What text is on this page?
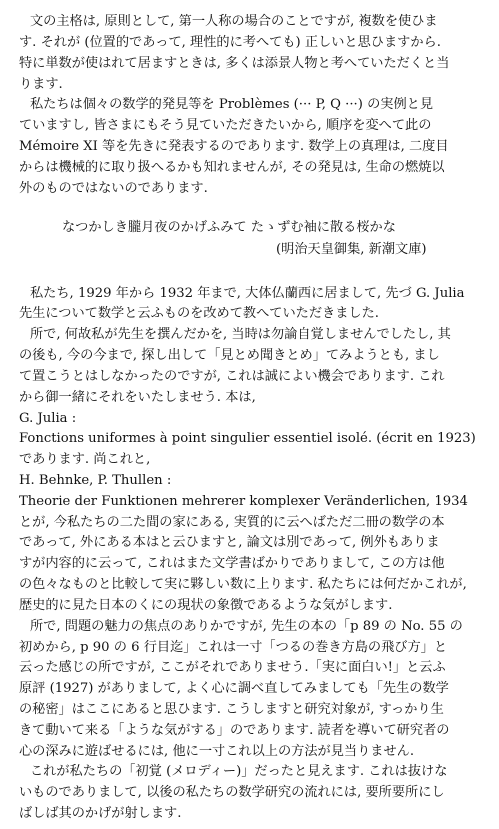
文の主格は, 原則として, 第一人称の場合のことですが, 複数を使ひま
す. それが (位置的であって, 理性的に考へても) 正しいと思ひますから.
特に単数が使はれて居ますときは, 多くは添景人物と考へていただくと当
ります.
私たちは個々の数学的発見等を Problèmes (··· P, Q ···) の実例と見
ていますし, 皆さまにもそう見ていただきたいから, 順序を変へて此の
Mémoire XI 等を先きに発表するのであります. 数学上の真理は, 二度目
からは機械的に取り扱へるかも知れませんが, その発見は, 生命の燃焼以
外のものではないのであります.
なつかしき朧月夜のかげふみて たゝずむ袖に散る桜かな
(明治天皇御集, 新潮文庫)
私たち, 1929 年から 1932 年まで, 大体仏蘭西に居まして, 先づ G. Julia
先生について数学と云ふものを改めて教へていただきました.
所で, 何故私が先生を撰んだかを, 当時は勿論自覚しませんでしたし, 其
の後も, 今の今まで, 探し出して「見とめ聞きとめ」てみようとも, まし
て置こうとはしなかったのですが, これは誠によい機会であります. これ
から御一緒にそれをいたしませう. 本は,
G. Julia :
Fonctions uniformes à point singulier essentiel isolé. (écrit en 1923)
であります. 尚これと,
H. Behnke, P. Thullen :
Theorie der Funktionen mehrerer komplexer Veränderlichen, 1934
とが, 今私たちの二た間の家にある, 実質的に云へばただ二冊の数学の本
であって, 外にある本はと云ひますと, 論文は別であって, 例外もありま
すが内容的に云って, これはまた文学書ばかりでありまして, この方は他
の色々なものと比較して実に夥しい数に上ります. 私たちには何だかこれが,
歴史的に見た日本のくにの現状の象徴であるような気がします.
所で, 問題の魅力の焦点のありかですが, 先生の本の「p 89 の No. 55 の
初めから, p 90 の 6 行目迄」これは一寸「つるの巻き方島の飛び方」と
云った感じの所ですが, ここがそれでありませう.「実に面白い!」と云ふ
原評 (1927) がありまして, よく心に調べ直してみましても「先生の数学
の秘密」はここにあると思ひます. こうしますと研究対象が, すっかり生
きて動いて来る「ような気がする」のであります. 読者を導いて研究者の
心の深みに遊ばせるには, 他に一寸これ以上の方法が見当りません.
これが私たちの「初覚 (メロディー)」だったと見えます. これは抜けな
いものでありまして, 以後の私たちの数学研究の流れには, 要所要所にし
ばしば其のかげが射します.
